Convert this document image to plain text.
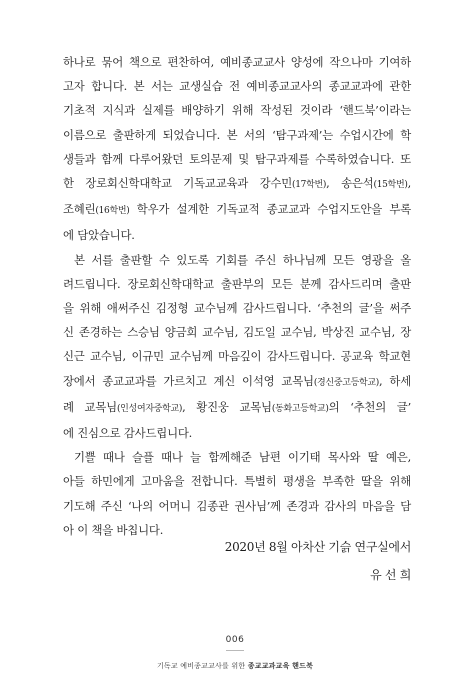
하나로 묶어 책으로 편찬하여, 예비종교교사 양성에 작으나마 기여하
고자 합니다. 본 서는 교생실습 전 예비종교교사의 종교교과에 관한
기초적 지식과 실제를 배양하기 위해 작성된 것이라 ‘핸드북’이라는
이름으로 출판하게 되었습니다. 본 서의 ‘탐구과제’는 수업시간에 학
생들과 함께 다루어왔던 토의문제 및 탐구과제를 수록하였습니다. 또
한 장로회신학대학교 기독교교육과 강수민(17학번), 송은석(15학번),
조혜린(16학번) 학우가 설계한 기독교적 종교교과 수업지도안을 부록
에 담았습니다.
본 서를 출판할 수 있도록 기회를 주신 하나님께 모든 영광을 올
려드립니다. 장로회신학대학교 출판부의 모든 분께 감사드리며 출판
을 위해 애써주신 김정형 교수님께 감사드립니다. ‘추천의 글’을 써주
신 존경하는 스승님 양금희 교수님, 김도일 교수님, 박상진 교수님, 장
신근 교수님, 이규민 교수님께 마음깊이 감사드립니다. 공교육 학교현
장에서 종교교과를 가르치고 계신 이석영 교목님(경신중고등학교), 하세
례 교목님(인성여자중학교), 황진웅 교목님(동화고등학교)의 ‘추천의 글’
에 진심으로 감사드립니다.
기쁠 때나 슬플 때나 늘 함께해준 남편 이기태 목사와 딸 예은,
아들 하민에게 고마움을 전합니다. 특별히 평생을 부족한 딸을 위해
기도해 주신 ‘나의 어머니 김종관 권사님’께 존경과 감사의 마음을 담
아 이 책을 바칩니다.
2020년 8월 아차산 기슭 연구실에서
유 선 희
006
기독교 예비종교교사를 위한 종교교과교육 핸드북
